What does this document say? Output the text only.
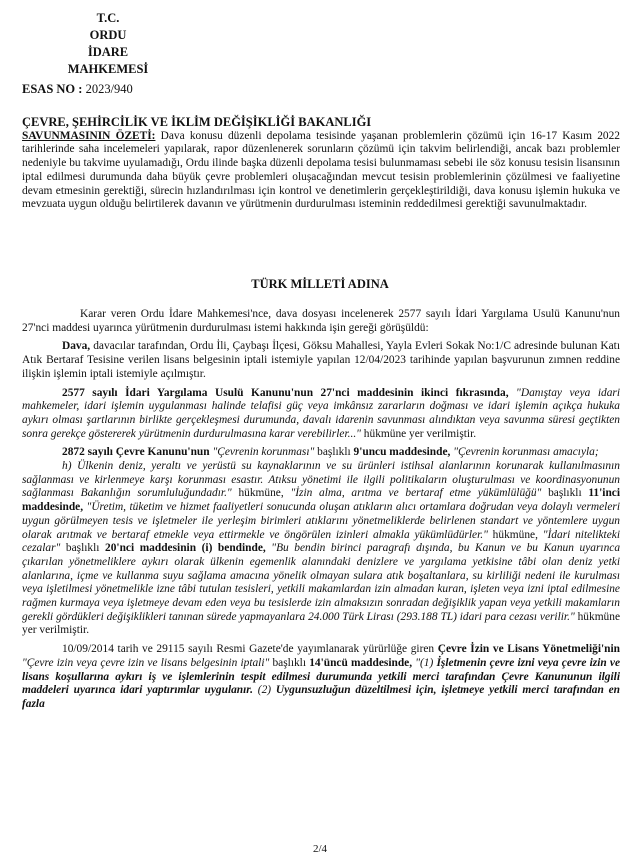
T.C.
ORDU
İDARE MAHKEMESİ
ESAS NO : 2023/940
ÇEVRE, ŞEHİRCİLİK VE İKLİM DEĞİŞİKLİĞİ BAKANLIĞI

SAVUNMASININ ÖZETİ: Dava konusu düzenli depolama tesisinde yaşanan problemlerin çözümü için 16-17 Kasım 2022 tarihlerinde saha incelemeleri yapılarak, rapor düzenlenerek sorunların çözümü için takvim belirlendiği, ancak bazı problemler nedeniyle bu takvime uyulamadığı, Ordu ilinde başka düzenli depolama tesisi bulunmaması sebebi ile söz konusu tesisin lisansının iptal edilmesi durumunda daha büyük çevre problemleri oluşacağından mevcut tesisin problemlerinin çözülmesi ve faaliyetine devam etmesinin gerektiği, sürecin hızlandırılması için kontrol ve denetimlerin gerçekleştirildiği, dava konusu işlemin hukuka ve mevzuata uygun olduğu belirtilerek davanın ve yürütmenin durdurulması isteminin reddedilmesi gerektiği savunulmaktadır.

TÜRK MİLLETİ ADINA

Karar veren Ordu İdare Mahkemesi'nce, dava dosyası incelenerek 2577 sayılı İdari Yargılama Usulü Kanunu'nun 27'nci maddesi uyarınca yürütmenin durdurulması istemi hakkında işin gereği görüşüldü:

Dava, davacılar tarafından, Ordu İli, Çaybaşı İlçesi, Göksu Mahallesi, Yayla Evleri Sokak No:1/C adresinde bulunan Katı Atık Bertaraf Tesisine verilen lisans belgesinin iptali istemiyle yapılan 12/04/2023 tarihinde yapılan başvurunun zımnen reddine ilişkin işlemin iptali istemiyle açılmıştır.

2577 sayılı İdari Yargılama Usulü Kanunu'nun 27'nci maddesinin ikinci fıkrasında, "Danıştay veya idari mahkemeler, idari işlemin uygulanması halinde telafisi güç veya imkânsız zararların doğması ve idari işlemin açıkça hukuka aykırı olması şartlarının birlikte gerçekleşmesi durumunda, davalı idarenin savunması alındıktan veya savunma süresi geçtikten sonra gerekçe göstererek yürütmenin durdurulmasına karar verebilirler..." hükmüne yer verilmiştir.

2872 sayılı Çevre Kanunu'nun "Çevrenin korunması" başlıklı 9'uncu maddesinde, "Çevrenin korunması amacıyla;

h) Ülkenin deniz, yeraltı ve yerüstü su kaynaklarının ve su ürünleri istihsal alanlarının korunarak kullanılmasının sağlanması ve kirlenmeye karşı korunması esastır. Atıksu yönetimi ile ilgili politikaların oluşturulması ve koordinasyonunun sağlanması Bakanlığın sorumluluğundadır." hükmüne, "İzin alma, arıtma ve bertaraf etme yükümlülüğü" başlıklı 11'inci maddesinde, "Üretim, tüketim ve hizmet faaliyetleri sonucunda oluşan atıkların alıcı ortamlara doğrudan veya dolaylı vermeleri uygun görülmeyen tesis ve işletmeler ile yerleşim birimleri atıklarını yönetmeliklerde belirlenen standart ve yöntemlere uygun olarak arıtmak ve bertaraf etmekle veya ettirmekle ve öngörülen izinleri almakla yükümlüdürler." hükmüne, "İdari nitelikteki cezalar" başlıklı 20'nci maddesinin (i) bendinde, "Bu bendin birinci paragrafı dışında, bu Kanun ve bu Kanun uyarınca çıkarılan yönetmeliklere aykırı olarak ülkenin egemenlik alanındaki denizlere ve yargılama yetkisine tâbi olan deniz yetki alanlarına, içme ve kullanma suyu sağlama amacına yönelik olmayan sulara atık boşaltanlara, su kirliliği nedeni ile kurulması veya işletilmesi yönetmelikle izne tâbi tutulan tesisleri, yetkili makamlardan izin almadan kuran, işleten veya izni iptal edilmesine rağmen kurmaya veya işletmeye devam eden veya bu tesislerde izin almaksızın sonradan değişiklik yapan veya yetkili makamların gerekli gördükleri değişiklikleri tanınan sürede yapmayanlara 24.000 Türk Lirası (293.188 TL) idari para cezası verilir." hükmüne yer verilmiştir.

10/09/2014 tarih ve 29115 sayılı Resmi Gazete'de yayımlanarak yürürlüğe giren Çevre İzin ve Lisans Yönetmeliği'nin "Çevre izin veya çevre izin ve lisans belgesinin iptali" başlıklı 14'üncü maddesinde, "(1) İşletmenin çevre izni veya çevre izin ve lisans koşullarına aykırı iş ve işlemlerinin tespit edilmesi durumunda yetkili merci tarafından Çevre Kanununun ilgili maddeleri uyarınca idari yaptırımlar uygulanır. (2) Uygunsuzluğun düzeltilmesi için, işletmeye yetkili merci tarafından en fazla

2/4
